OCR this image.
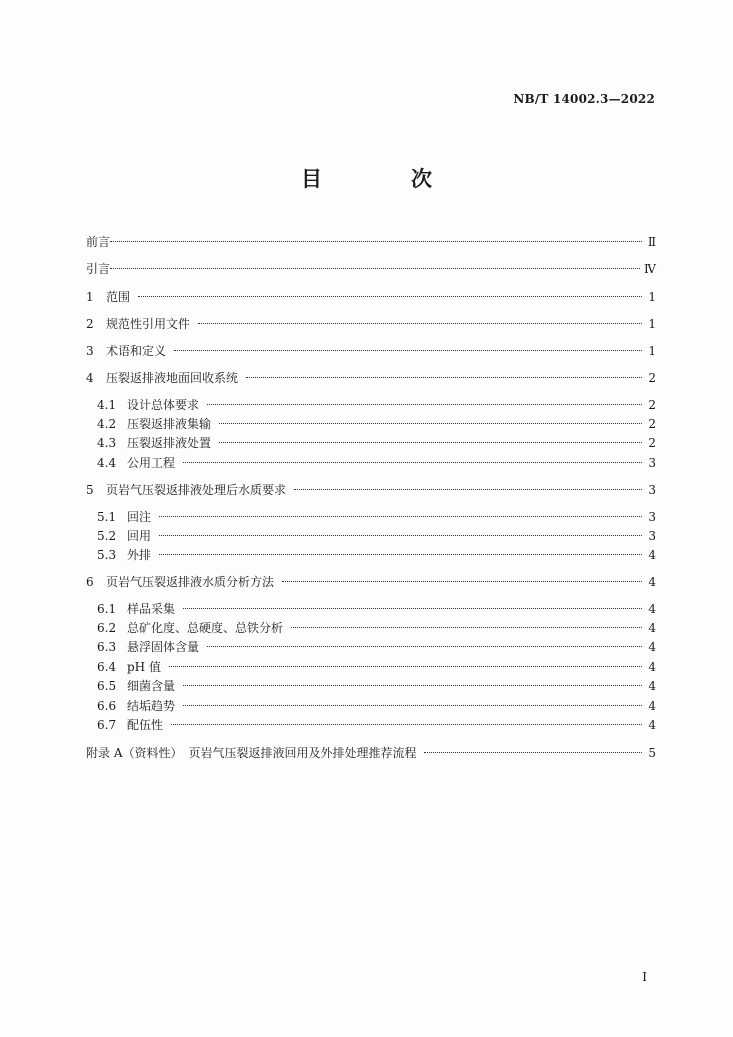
NB/T 14002.3—2022
目　次
前言	Ⅱ
引言	Ⅳ
1	范围	1
2	规范性引用文件	1
3	术语和定义	1
4	压裂返排液地面回收系统	2
4.1 设计总体要求	2
4.2 压裂返排液集输	2
4.3 压裂返排液处置	2
4.4 公用工程	3
5	页岩气压裂返排液处理后水质要求	3
5.1 回注	3
5.2 回用	3
5.3 外排	4
6	页岩气压裂返排液水质分析方法	4
6.1 样品采集	4
6.2 总矿化度、总硬度、总铁分析	4
6.3 悬浮固体含量	4
6.4 pH 值	4
6.5 细菌含量	4
6.6 结垢趋势	4
6.7 配伍性	4
附录 A（资料性）　页岩气压裂返排液回用及外排处理推荐流程	5
I
